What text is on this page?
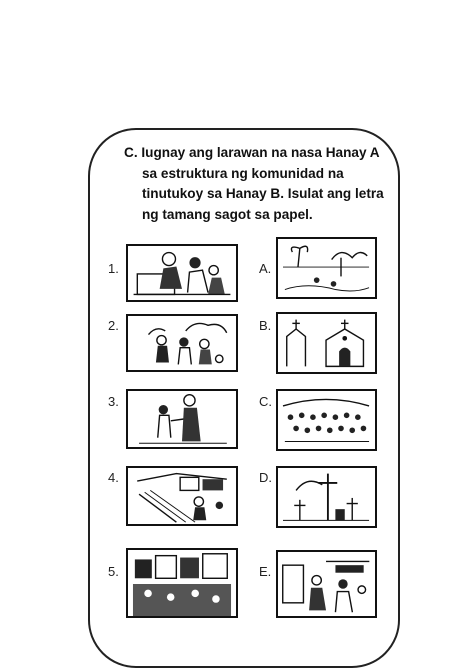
C. Iugnay ang larawan na nasa Hanay A
sa estruktura ng komunidad na
tinutukoy sa Hanay B. Isulat ang letra
ng tamang sagot sa papel.
1.
2.
3.
4.
5.
A.
B.
C.
D.
E.
